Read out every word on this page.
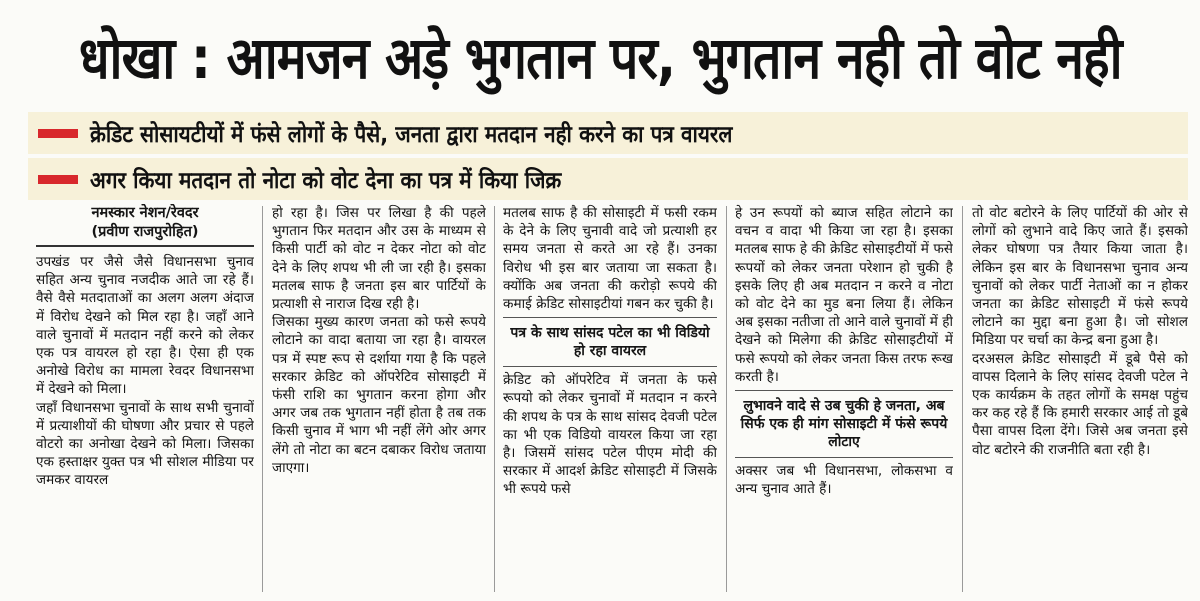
धोखा : आमजन अड़े भुगतान पर, भुगतान नही तो वोट नही
क्रेडिट सोसायटीयों में फंसे लोगों के पैसे, जनता द्वारा मतदान नही करने का पत्र वायरल
अगर किया मतदान तो नोटा को वोट देना का पत्र में किया जिक्र
नमस्कार नेशन/रेवदर
(प्रवीण राजपुरोहित)

उपखंड पर जैसे जैसे विधानसभा चुनाव सहित अन्य चुनाव नजदीक आते जा रहे हैं। वैसे वैसे मतदाताओं का अलग अलग अंदाज में विरोध देखने को मिल रहा है। जहाँ आने वाले चुनावों में मतदान नहीं करने को लेकर एक पत्र वायरल हो रहा है। ऐसा ही एक अनोखे विरोध का मामला रेवदर विधानसभा में देखने को मिला।

जहाँ विधानसभा चुनावों के साथ सभी चुनावों में प्रत्याशीयों की घोषणा और प्रचार से पहले वोटरो का अनोखा देखने को मिला। जिसका एक हस्ताक्षर युक्त पत्र भी सोशल मीडिया पर जमकर वायरल

हो रहा है। जिस पर लिखा है की पहले भुगतान फिर मतदान और उस के माध्यम से किसी पार्टी को वोट न देकर नोटा को वोट देने के लिए शपथ भी ली जा रही है। इसका मतलब साफ है जनता इस बार पार्टियों के प्रत्याशी से नाराज दिख रही है।

जिसका मुख्य कारण जनता को फसे रूपये लोटाने का वादा बताया जा रहा है। वायरल पत्र में स्पष्ट रूप से दर्शाया गया है कि पहले सरकार क्रेडिट को ऑपरेटिव सोसाइटी में फंसी राशि का भुगतान करना होगा और अगर जब तक भुगतान नहीं होता है तब तक किसी चुनाव में भाग भी नहीं लेंगे ओर अगर लेंगे तो नोटा का बटन दबाकर विरोध जताया जाएगा।

मतलब साफ है की सोसाइटी में फसी रकम के देने के लिए चुनावी वादे जो प्रत्याशी हर समय जनता से करते आ रहे हैं। उनका विरोध भी इस बार जताया जा सकता है। क्योंकि अब जनता की करोड़ो रूपये की कमाई क्रेडिट सोसाइटीयां गबन कर चुकी है।

पत्र के साथ सांसद पटेल का भी विडियो हो रहा वायरल

क्रेडिट को ऑपरेटिव में जनता के फसे रूपयो को लेकर चुनावों में मतदान न करने की शपथ के पत्र के साथ सांसद देवजी पटेल का भी एक विडियो वायरल किया जा रहा है। जिसमें सांसद पटेल पीएम मोदी की सरकार में आदर्श क्रेडिट सोसाइटी में जिसके भी रूपये फसे

हे उन रूपयों को ब्याज सहित लोटाने का वचन व वादा भी किया जा रहा है। इसका मतलब साफ हे की क्रेडिट सोसाइटीयों में फसे रूपयों को लेकर जनता परेशान हो चुकी है इसके लिए ही अब मतदान न करने व नोटा को वोट देने का मुड बना लिया हैं। लेकिन अब इसका नतीजा तो आने वाले चुनावों में ही देखने को मिलेगा की क्रेडिट सोसाइटीयों में फसे रूपयो को लेकर जनता किस तरफ रूख करती है।

लुभावने वादे से उब चुकी हे जनता, अब सिर्फ एक ही मांग सोसाइटी में फंसे रूपये लोटाए

अक्सर जब भी विधानसभा, लोकसभा व अन्य चुनाव आते हैं।

तो वोट बटोरने के लिए पार्टियों की ओर से लोगों को लुभाने वादे किए जाते हैं। इसको लेकर घोषणा पत्र तैयार किया जाता है। लेकिन इस बार के विधानसभा चुनाव अन्य चुनावों को लेकर पार्टी नेताओं का न होकर जनता का क्रेडिट सोसाइटी में फंसे रूपये लोटाने का मुद्दा बना हुआ है। जो सोशल मिडिया पर चर्चा का केन्द्र बना हुआ है।

दरअसल क्रेडिट सोसाइटी में डूबे पैसे को वापस दिलाने के लिए सांसद देवजी पटेल ने एक कार्यक्रम के तहत लोगों के समक्ष पहुंच कर कह रहे हैं कि हमारी सरकार आई तो डूबे पैसा वापस दिला देंगे। जिसे अब जनता इसे वोट बटोरने की राजनीति बता रही है।
